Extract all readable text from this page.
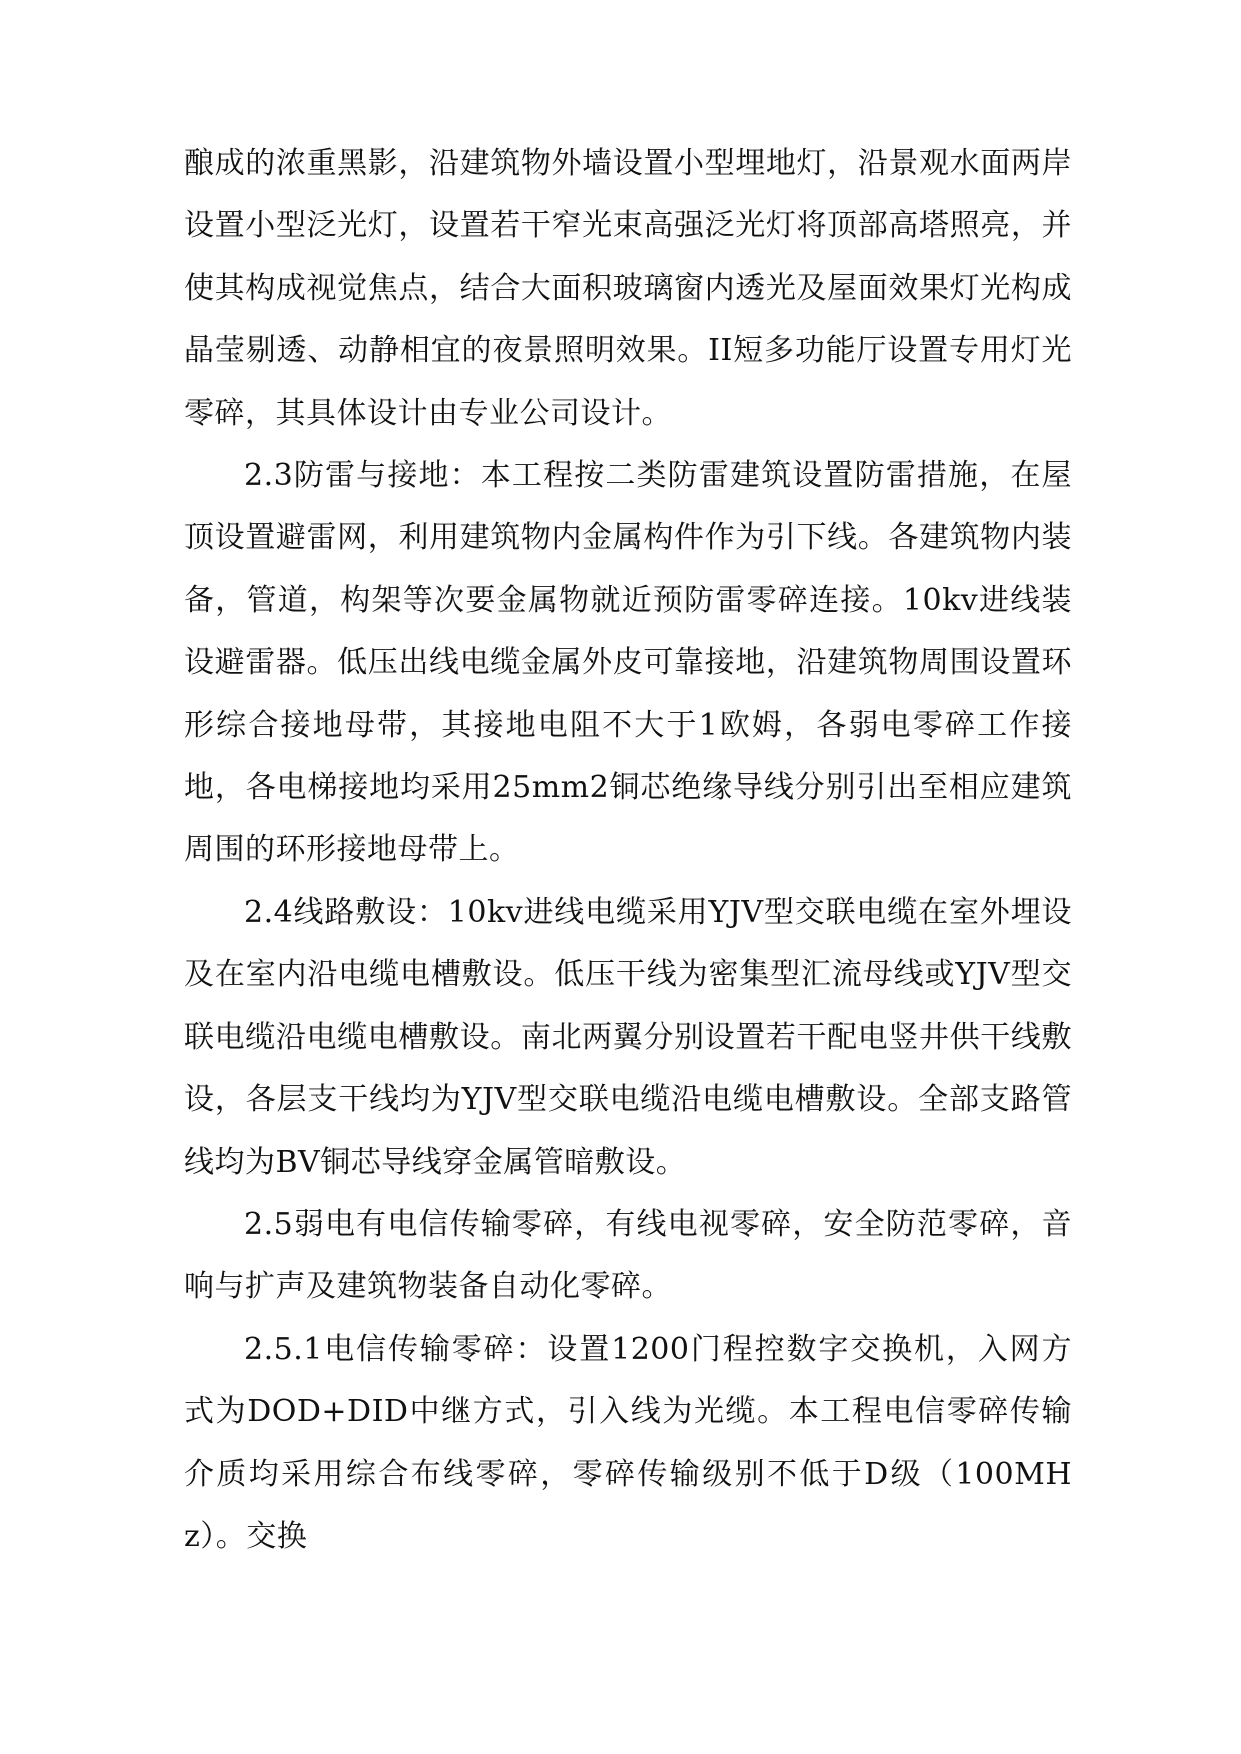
酿成的浓重黑影，沿建筑物外墙设置小型埋地灯，沿景观水面两岸设置小型泛光灯，设置若干窄光束高强泛光灯将顶部高塔照亮，并使其构成视觉焦点，结合大面积玻璃窗内透光及屋面效果灯光构成晶莹剔透、动静相宜的夜景照明效果。II短多功能厅设置专用灯光零碎，其具体设计由专业公司设计。

2.3防雷与接地：本工程按二类防雷建筑设置防雷措施，在屋顶设置避雷网，利用建筑物内金属构件作为引下线。各建筑物内装备，管道，构架等次要金属物就近预防雷零碎连接。10kv进线装设避雷器。低压出线电缆金属外皮可靠接地，沿建筑物周围设置环形综合接地母带，其接地电阻不大于1欧姆，各弱电零碎工作接地，各电梯接地均采用25mm2铜芯绝缘导线分别引出至相应建筑周围的环形接地母带上。

2.4线路敷设：10kv进线电缆采用YJV型交联电缆在室外埋设及在室内沿电缆电槽敷设。低压干线为密集型汇流母线或YJV型交联电缆沿电缆电槽敷设。南北两翼分别设置若干配电竖井供干线敷设，各层支干线均为YJV型交联电缆沿电缆电槽敷设。全部支路管线均为BV铜芯导线穿金属管暗敷设。

2.5弱电有电信传输零碎，有线电视零碎，安全防范零碎，音响与扩声及建筑物装备自动化零碎。

2.5.1电信传输零碎：设置1200门程控数字交换机，入网方式为DOD+DID中继方式，引入线为光缆。本工程电信零碎传输介质均采用综合布线零碎，零碎传输级别不低于D级（100MHz）。交换
